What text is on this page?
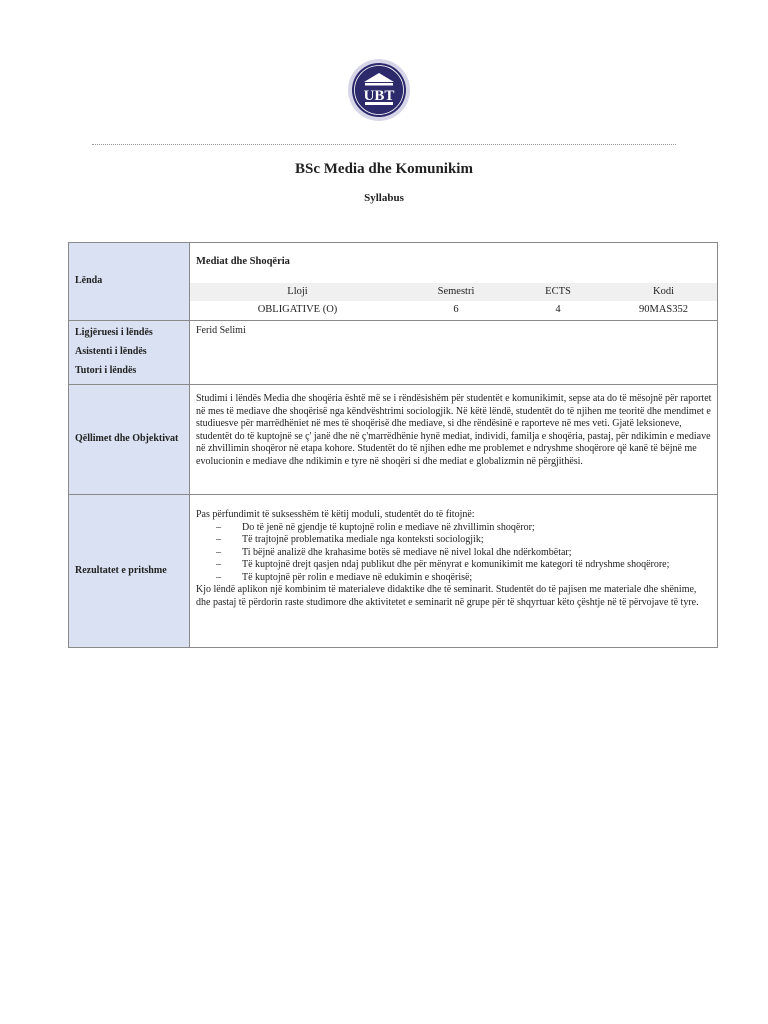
UBT
BSc Media dhe Komunikim
Syllabus
Lënda	
Mediat dhe Shoqëria
Lloji	Semestri	ECTS	Kodi
OBLIGATIVE (O)	6	4	90MAS352

Ligjëruesi i lëndës
Asistenti i lëndës
Tutori i lëndës

Ferid Selimi

Qëllimet dhe Objektivat	
Studimi i lëndës Media dhe shoqëria është më se i rëndësishëm për studentët e komunikimit, sepse ata do të mësojnë për raportet në mes të mediave dhe shoqërisë nga këndvështrimi sociologjik. Në këtë lëndë, studentët do të njihen me teoritë dhe mendimet e studiuesve për marrëdhëniet në mes të shoqërisë dhe mediave, si dhe rëndësinë e raporteve në mes veti. Gjatë leksioneve, studentët do të kuptojnë se ç' janë dhe në ç'marrëdhënie hynë mediat, individi, familja e shoqëria, pastaj, për ndikimin e mediave në zhvillimin shoqëror në etapa kohore. Studentët do të njihen edhe me problemet e ndryshme shoqërore që kanë të bëjnë me evolucionin e mediave dhe ndikimin e tyre në shoqëri si dhe mediat e globalizmin në përgjithësi.

Rezultatet e pritshme	
Pas përfundimit të suksesshëm të këtij moduli, studentët do të fitojnë:
– Do të jenë në gjendje të kuptojnë rolin e mediave në zhvillimin shoqëror;
– Të trajtojnë problematika mediale nga konteksti sociologjik;
– Ti bëjnë analizë dhe krahasime botës së mediave në nivel lokal dhe ndërkombëtar;
– Të kuptojnë drejt qasjen ndaj publikut dhe për mënyrat e komunikimit me kategori të ndryshme shoqërore;
– Të kuptojnë për rolin e mediave në edukimin e shoqërisë;
Kjo lëndë aplikon një kombinim të materialeve didaktike dhe të seminarit. Studentët do të pajisen me materiale dhe shënime, dhe pastaj të përdorin raste studimore dhe aktivitetet e seminarit në grupe për të shqyrtuar këto çështje në të përvojave të tyre.
